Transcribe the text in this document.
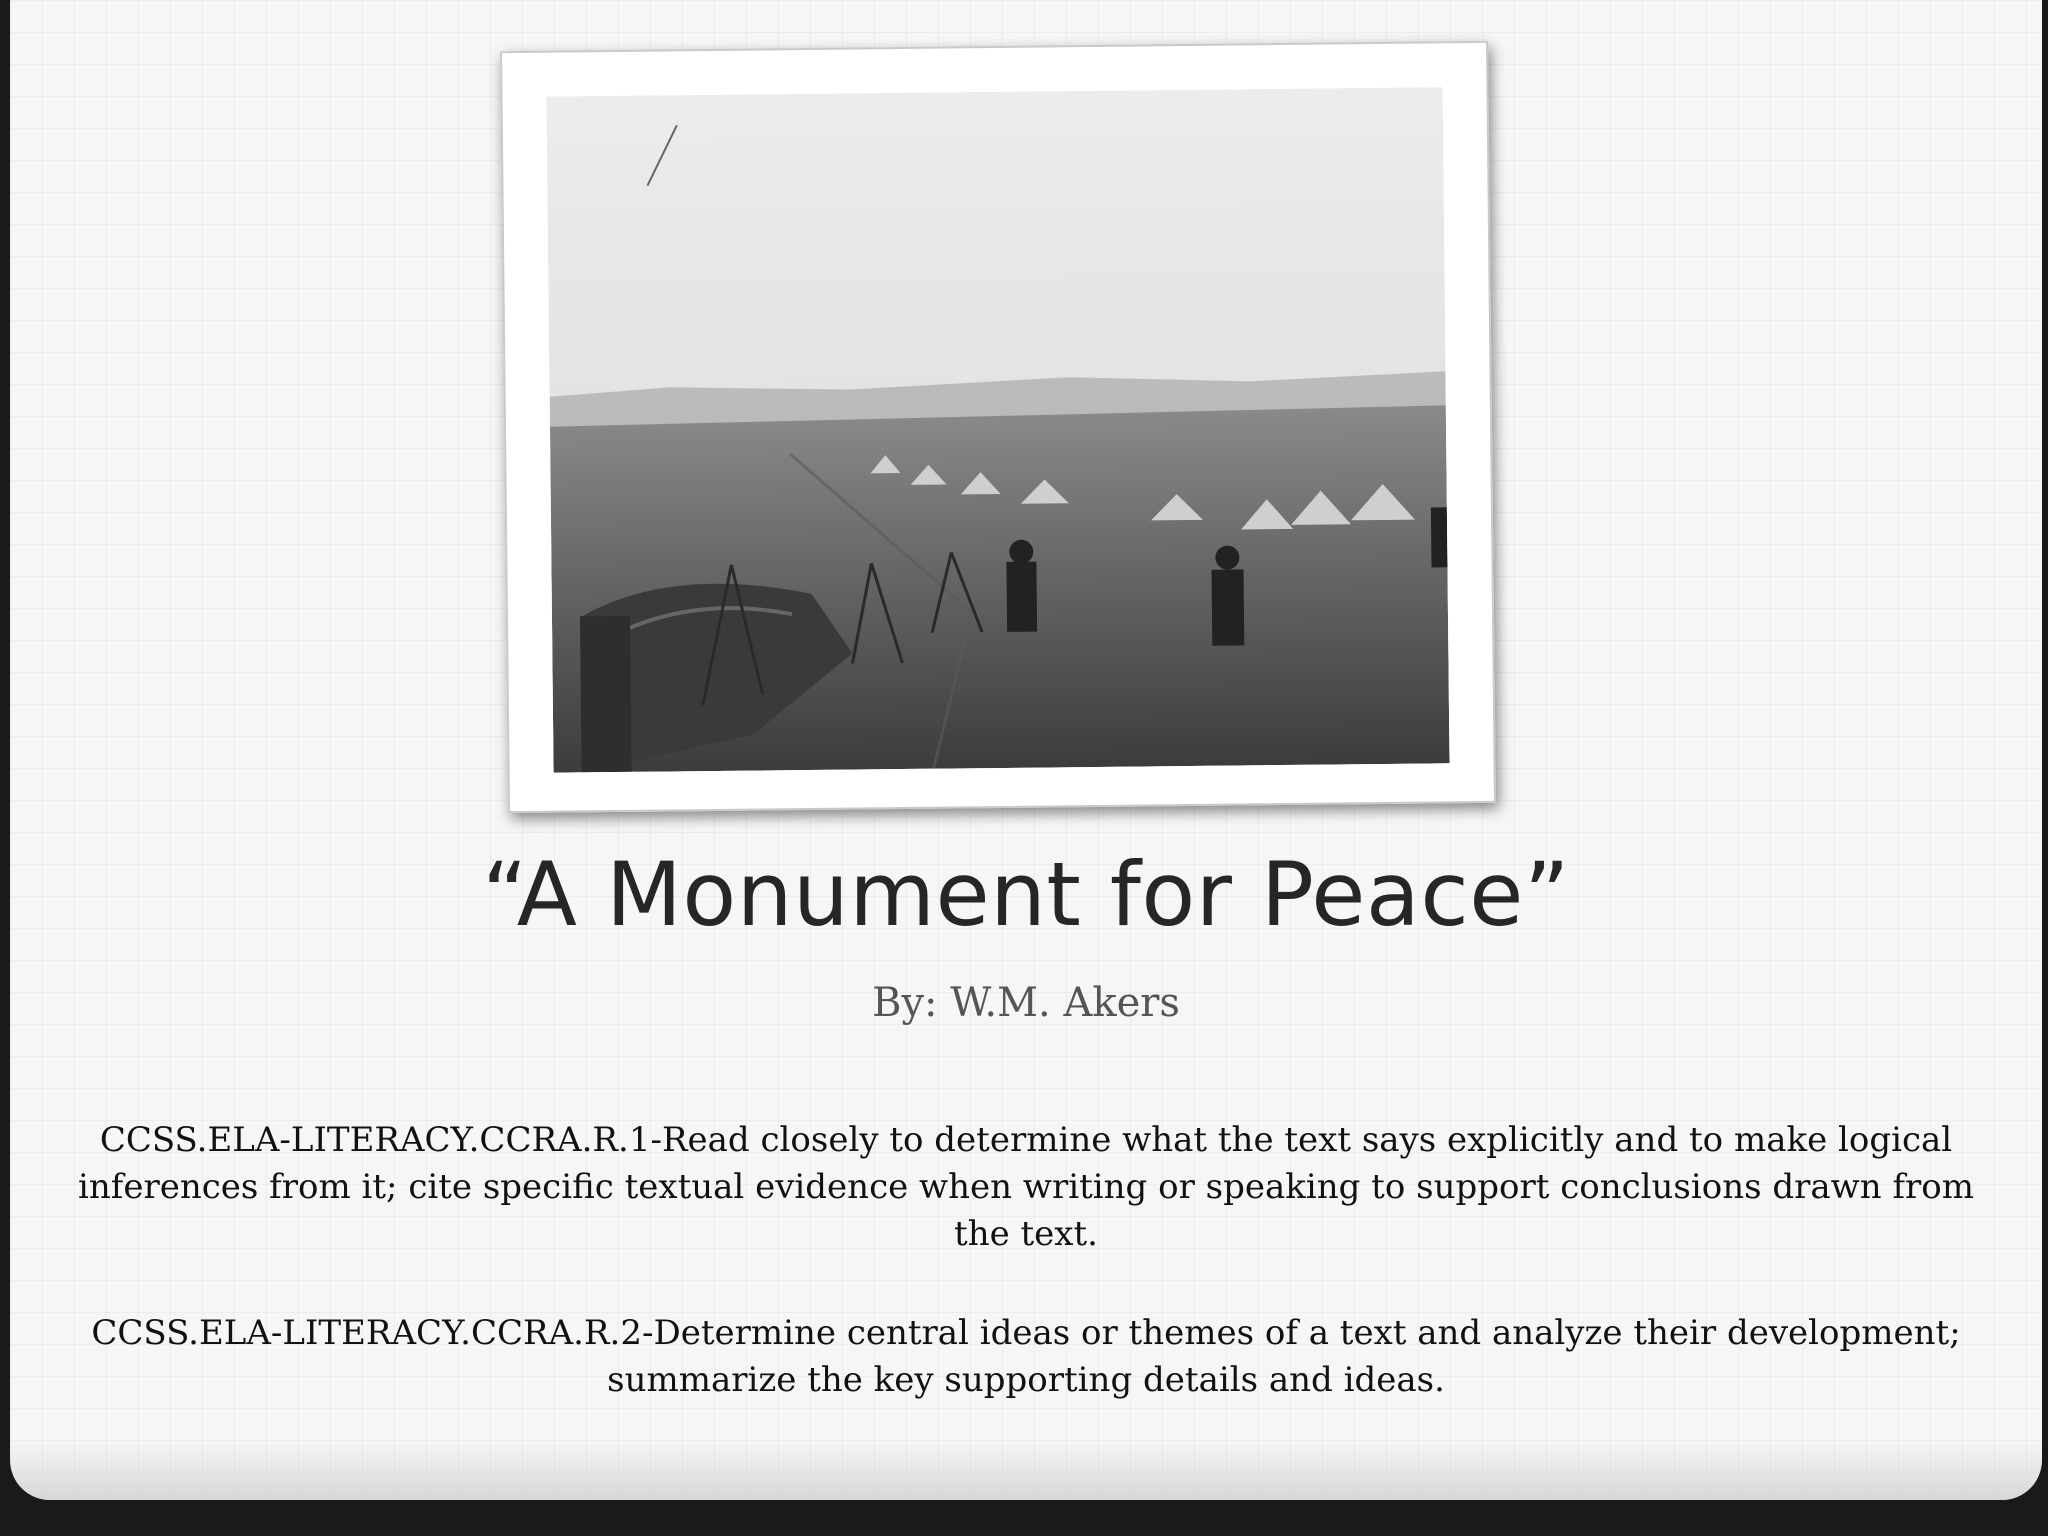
“A Monument for Peace”

By: W.M. Akers

CCSS.ELA-LITERACY.CCRA.R.1-Read closely to determine what the text says explicitly and to make logical inferences from it; cite specific textual evidence when writing or speaking to support conclusions drawn from the text.

CCSS.ELA-LITERACY.CCRA.R.2-Determine central ideas or themes of a text and analyze their development; summarize the key supporting details and ideas.
